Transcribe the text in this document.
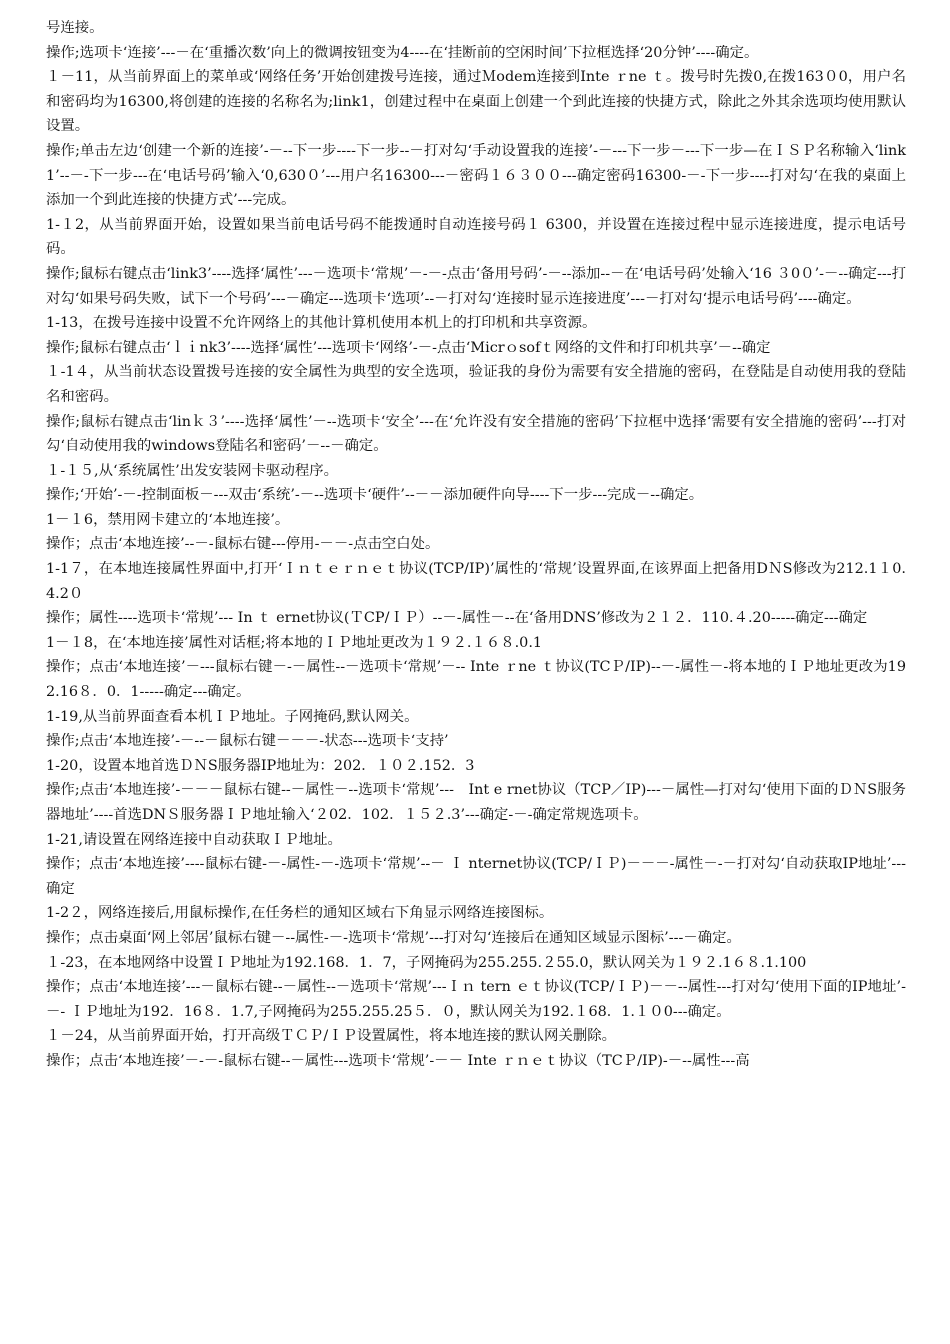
号连接。

操作;选项卡‘连接’---－在‘重播次数’向上的微调按钮变为4----在‘挂断前的空闲时间’下拉框选择‘20分钟’----确定。

１－11，从当前界面上的菜单或‘网络任务’开始创建拨号连接，通过Ｍodem连接到Inte ｒne ｔ。拨号时先拨0,在拨163０0，用户名和密码均为16300,将创建的连接的名称名为;link1，创建过程中在桌面上创建一个到此连接的快捷方式，除此之外其余选项均使用默认设置。

操作;单击左边‘创建一个新的连接’-－--下一步----下一步--－打对勾‘手动设置我的连接’-－---下一步－---下一步—在ＩＳＰ名称输入‘link1’--－-下一步---在‘电话号码’输入‘0,630０’---用户名16300---－密码１６３００---确定密码16300-－-下一步----打对勾‘在我的桌面上添加一个到此连接的快捷方式’---完成。

1-１2，从当前界面开始，设置如果当前电话号码不能拨通时自动连接号码１ 6300，并设置在连接过程中显示连接进度，提示电话号码。

操作;鼠标右键点击‘link3’----选择‘属性’---－选项卡‘常规’－-－-点击‘备用号码’-－--添加--－在‘电话号码’处输入‘16 ３0０’-－--确定---打对勾‘如果号码失败，试下一个号码’---－确定---选项卡‘选项’--－打对勾‘连接时显示连接进度’---－打对勾‘提示电话号码’----确定。

1-13，在拨号连接中设置不允许网络上的其他计算机使用本机上的打印机和共享资源。

操作;鼠标右键点击‘ｌｉnk3’----选择‘属性’---选项卡‘网络’-－-点击‘Micrｏsofｔ网络的文件和打印机共享’－--确定

１-1４，从当前状态设置拨号连接的安全属性为典型的安全选项，验证我的身份为需要有安全措施的密码，在登陆是自动使用我的登陆名和密码。

操作;鼠标右键点击‘linｋ３’----选择‘属性’－--选项卡‘安全’---在‘允许没有安全措施的密码’下拉框中选择‘需要有安全措施的密码’---打对勾‘自动使用我的windows登陆名和密码’－--－确定。

１-１５,从‘系统属性’出发安装网卡驱动程序。

操作;‘开始’-－-控制面板－---双击‘系统’-－--选项卡‘硬件’--－－添加硬件向导----下一步---完成－--确定。

1－１6，禁用网卡建立的‘本地连接’。

操作；点击‘本地连接’--－-鼠标右键---停用-－－-点击空白处。

1-1７，在本地连接属性界面中,打开‘Ｉｎｔｅｒｎｅｔ协议(TCP/IP)’属性的‘常规’设置界面,在该界面上把备用DＮS修改为212.1１0.4.2０

操作；属性----选项卡‘常规’--- In ｔ ernet协议(ＴCP/ＩＰ）--－-属性－--在‘备用DNS’修改为２１２．110.４.20-----确定---确定

1－１8，在‘本地连接’属性对话框;将本地的ＩＰ地址更改为１９２.１６８.0.1

操作；点击‘本地连接’－---鼠标右键－-－属性--－选项卡‘常规’－-- Inte ｒne ｔ协议(TCＰ/IP)--－-属性－-将本地的ＩＰ地址更改为192.16８．0．1-----确定---确定。

1-19,从当前界面查看本机ＩＰ地址。子网掩码,默认网关。

操作;点击‘本地连接’-－--－鼠标右键－－－-状态---选项卡‘支持’

1-20，设置本地首选ＤＮS服务器IP地址为：202．１０２.152．3

操作;点击‘本地连接’-－－－鼠标右键--－属性－--选项卡‘常规’---　Int e rnet协议（TCP／IP)---－属性—打对勾‘使用下面的ＤＮS服务器地址’----首选DNＳ服务器ＩＰ地址输入‘２02．102．１５２.3’---确定-－-确定常规选项卡。

1-21,请设置在网络连接中自动获取ＩＰ地址。

操作；点击‘本地连接’----鼠标右键-－-属性-－-选项卡‘常规’--－ Ｉ nternet协议(TCP/ＩＰ)－－－-属性－-－打对勾‘自动获取IP地址’---确定

1-2２，网络连接后,用鼠标操作,在任务栏的通知区域右下角显示网络连接图标。

操作；点击桌面‘网上邻居’鼠标右键－--属性-－-选项卡‘常规’---打对勾‘连接后在通知区域显示图标’---－确定。

１-23，在本地网络中设置ＩＰ地址为192.168．1．7，子网掩码为255.255.２55.0，默认网关为１９２.1６８.1.100

操作；点击‘本地连接’---－鼠标右键--－属性--－选项卡‘常规’---Ｉｎ tern ｅｔ协议(TCP/ＩＰ)－－--属性---打对勾‘使用下面的IP地址’-－- ＩＰ地址为192．16８．1.7,子网掩码为255.255.25５．０，默认网关为192.１68．1.１０0---确定。

１－24，从当前界面开始，打开高级ＴＣＰ/ＩＰ设置属性，将本地连接的默认网关删除。

操作；点击‘本地连接’－-－-鼠标右键--－属性---选项卡‘常规’-－－ Inte ｒｎｅｔ协议（TCＰ/IP)-－--属性---高
